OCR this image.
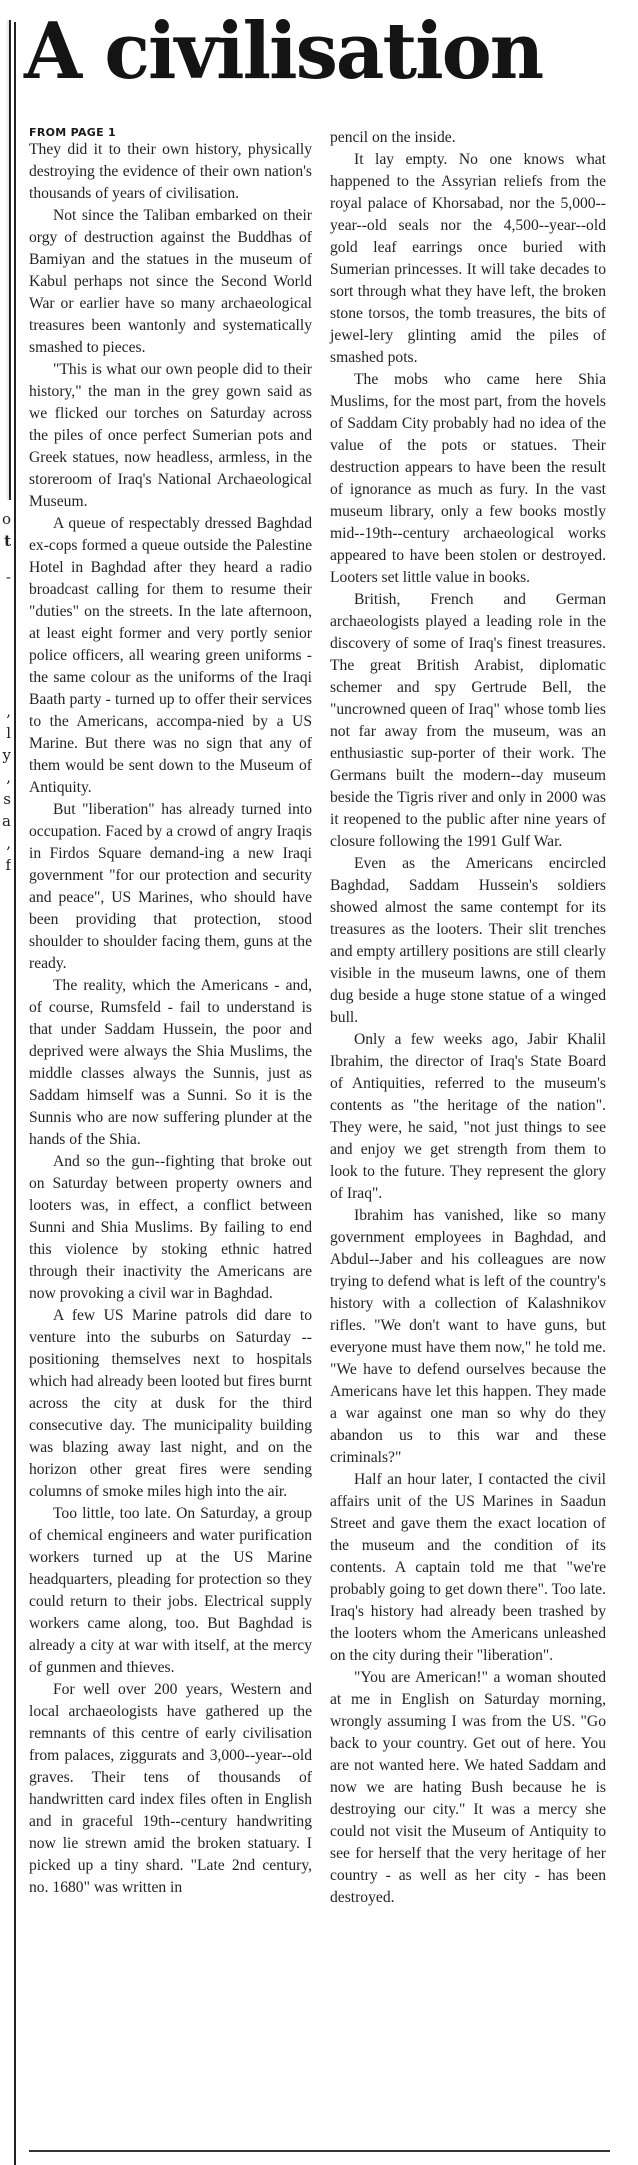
o
t
-
,
l
y
,
s
a
,
f
A civilisation
FROM PAGE 1

They did it to their own history, physically destroying the evidence of their own nation's thousands of years of civilisation.

Not since the Taliban embarked on their orgy of destruction against the Buddhas of Bamiyan and the statues in the museum of Kabul perhaps not since the Second World War or earlier have so many archaeological treasures been wantonly and systematically smashed to pieces.

"This is what our own people did to their history," the man in the grey gown said as we flicked our torches on Saturday across the piles of once perfect Sumerian pots and Greek statues, now headless, armless, in the storeroom of Iraq's National Archaeological Museum.

A queue of respectably dressed Baghdad ex-cops formed a queue outside the Palestine Hotel in Baghdad after they heard a radio broadcast calling for them to resume their "duties" on the streets. In the late afternoon, at least eight former and very portly senior police officers, all wearing green uniforms - the same colour as the uniforms of the Iraqi Baath party - turned up to offer their services to the Americans, accompa-nied by a US Marine. But there was no sign that any of them would be sent down to the Museum of Antiquity.

But "liberation" has already turned into occupation. Faced by a crowd of angry Iraqis in Firdos Square demand-ing a new Iraqi government "for our protection and security and peace", US Marines, who should have been providing that protection, stood shoulder to shoulder facing them, guns at the ready.

The reality, which the Americans - and, of course, Rumsfeld - fail to understand is that under Saddam Hussein, the poor and deprived were always the Shia Muslims, the middle classes always the Sunnis, just as Saddam himself was a Sunni. So it is the Sunnis who are now suffering plunder at the hands of the Shia.

And so the gun--fighting that broke out on Saturday between property owners and looters was, in effect, a conflict between Sunni and Shia Muslims. By failing to end this violence by stoking ethnic hatred through their inactivity the Americans are now provoking a civil war in Baghdad.

A few US Marine patrols did dare to venture into the suburbs on Saturday -- positioning themselves next to hospitals which had already been looted but fires burnt across the city at dusk for the third consecutive day. The municipality building was blazing away last night, and on the horizon other great fires were sending columns of smoke miles high into the air.

Too little, too late. On Saturday, a group of chemical engineers and water purification workers turned up at the US Marine headquarters, pleading for protection so they could return to their jobs. Electrical supply workers came along, too. But Baghdad is already a city at war with itself, at the mercy of gunmen and thieves.

For well over 200 years, Western and local archaeologists have gathered up the remnants of this centre of early civilisation from palaces, ziggurats and 3,000--year--old graves. Their tens of thousands of handwritten card index files often in English and in graceful 19th--century handwriting now lie strewn amid the broken statuary. I picked up a tiny shard. "Late 2nd century, no. 1680" was written in

pencil on the inside.

It lay empty. No one knows what happened to the Assyrian reliefs from the royal palace of Khorsabad, nor the 5,000--year--old seals nor the 4,500--year--old gold leaf earrings once buried with Sumerian princesses. It will take decades to sort through what they have left, the broken stone torsos, the tomb treasures, the bits of jewel-lery glinting amid the piles of smashed pots.

The mobs who came here Shia Muslims, for the most part, from the hovels of Saddam City probably had no idea of the value of the pots or statues. Their destruction appears to have been the result of ignorance as much as fury. In the vast museum library, only a few books mostly mid--19th--century archaeological works appeared to have been stolen or destroyed. Looters set little value in books.

British, French and German archaeologists played a leading role in the discovery of some of Iraq's finest treasures. The great British Arabist, diplomatic schemer and spy Gertrude Bell, the "uncrowned queen of Iraq" whose tomb lies not far away from the museum, was an enthusiastic sup-porter of their work. The Germans built the modern--day museum beside the Tigris river and only in 2000 was it reopened to the public after nine years of closure following the 1991 Gulf War.

Even as the Americans encircled Baghdad, Saddam Hussein's soldiers showed almost the same contempt for its treasures as the looters. Their slit trenches and empty artillery positions are still clearly visible in the museum lawns, one of them dug beside a huge stone statue of a winged bull.

Only a few weeks ago, Jabir Khalil Ibrahim, the director of Iraq's State Board of Antiquities, referred to the museum's contents as "the heritage of the nation". They were, he said, "not just things to see and enjoy we get strength from them to look to the future. They represent the glory of Iraq".

Ibrahim has vanished, like so many government employees in Baghdad, and Abdul--Jaber and his colleagues are now trying to defend what is left of the country's history with a collection of Kalashnikov rifles. "We don't want to have guns, but everyone must have them now," he told me. "We have to defend ourselves because the Americans have let this happen. They made a war against one man so why do they abandon us to this war and these criminals?"

Half an hour later, I contacted the civil affairs unit of the US Marines in Saadun Street and gave them the exact location of the museum and the condition of its contents. A captain told me that "we're probably going to get down there". Too late. Iraq's history had already been trashed by the looters whom the Americans unleashed on the city during their "liberation".

"You are American!" a woman shouted at me in English on Saturday morning, wrongly assuming I was from the US. "Go back to your country. Get out of here. You are not wanted here. We hated Saddam and now we are hating Bush because he is destroying our city." It was a mercy she could not visit the Museum of Antiquity to see for herself that the very heritage of her country - as well as her city - has been destroyed.
